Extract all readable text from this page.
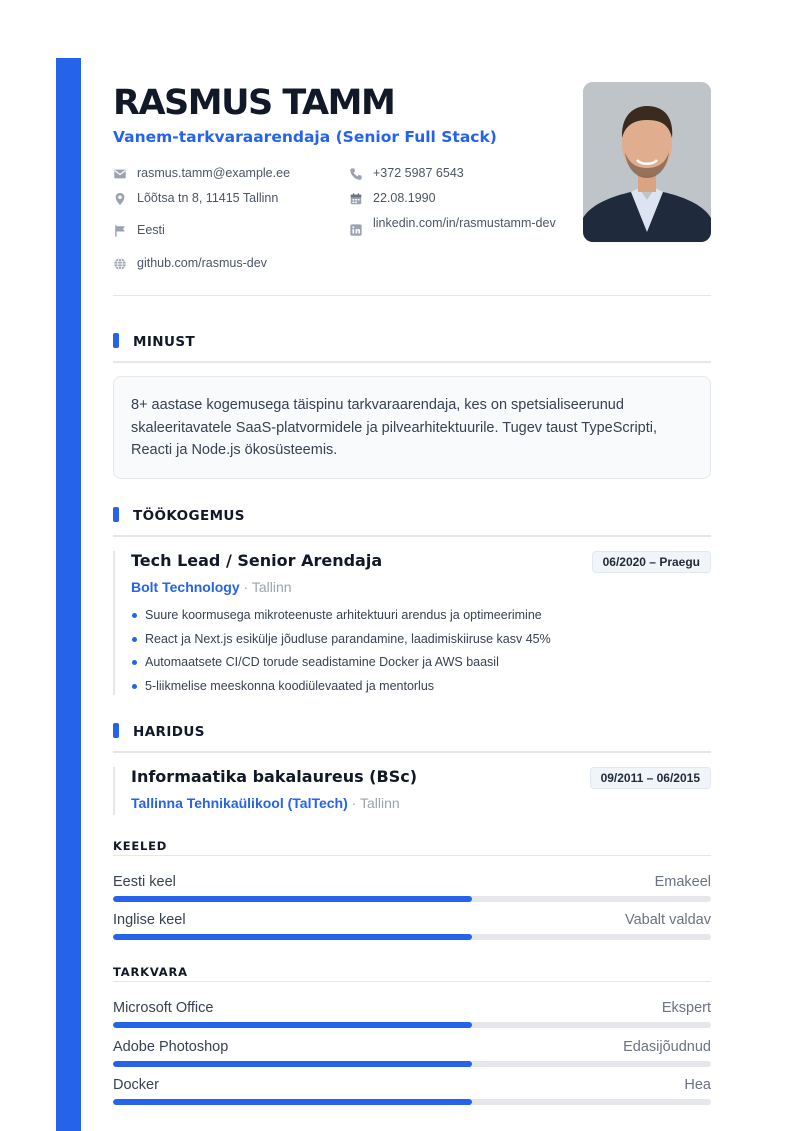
RASMUS TAMM
Vanem-tarkvaraarendaja (Senior Full Stack)
rasmus.tamm@example.ee	+372 5987 6543
Lõõtsa tn 8, 11415 Tallinn	22.08.1990
Eesti	linkedin.com/in/rasmustamm-dev
github.com/rasmus-dev
MINUST
8+ aastase kogemusega täispinu tarkvaraarendaja, kes on spetsialiseerunud skaleeritavatele SaaS-platvormidele ja pilvearhitektuurile. Tugev taust TypeScripti, Reacti ja Node.js ökosüsteemis.
TÖÖKOGEMUS
Tech Lead / Senior Arendaja	06/2020 – Praegu
Bolt Technology · Tallinn
Suure koormusega mikroteenuste arhitektuuri arendus ja optimeerimine
React ja Next.js esikülje jõudluse parandamine, laadimiskiiruse kasv 45%
Automaatsete CI/CD torude seadistamine Docker ja AWS baasil
5-liikmelise meeskonna koodiülevaated ja mentorlus
HARIDUS
Informaatika bakalaureus (BSc)	09/2011 – 06/2015
Tallinna Tehnikaülikool (TalTech) · Tallinn
KEELED
Eesti keel	Emakeel
Inglise keel	Vabalt valdav
TARKVARA
Microsoft Office	Ekspert
Adobe Photoshop	Edasijõudnud
Docker	Hea
